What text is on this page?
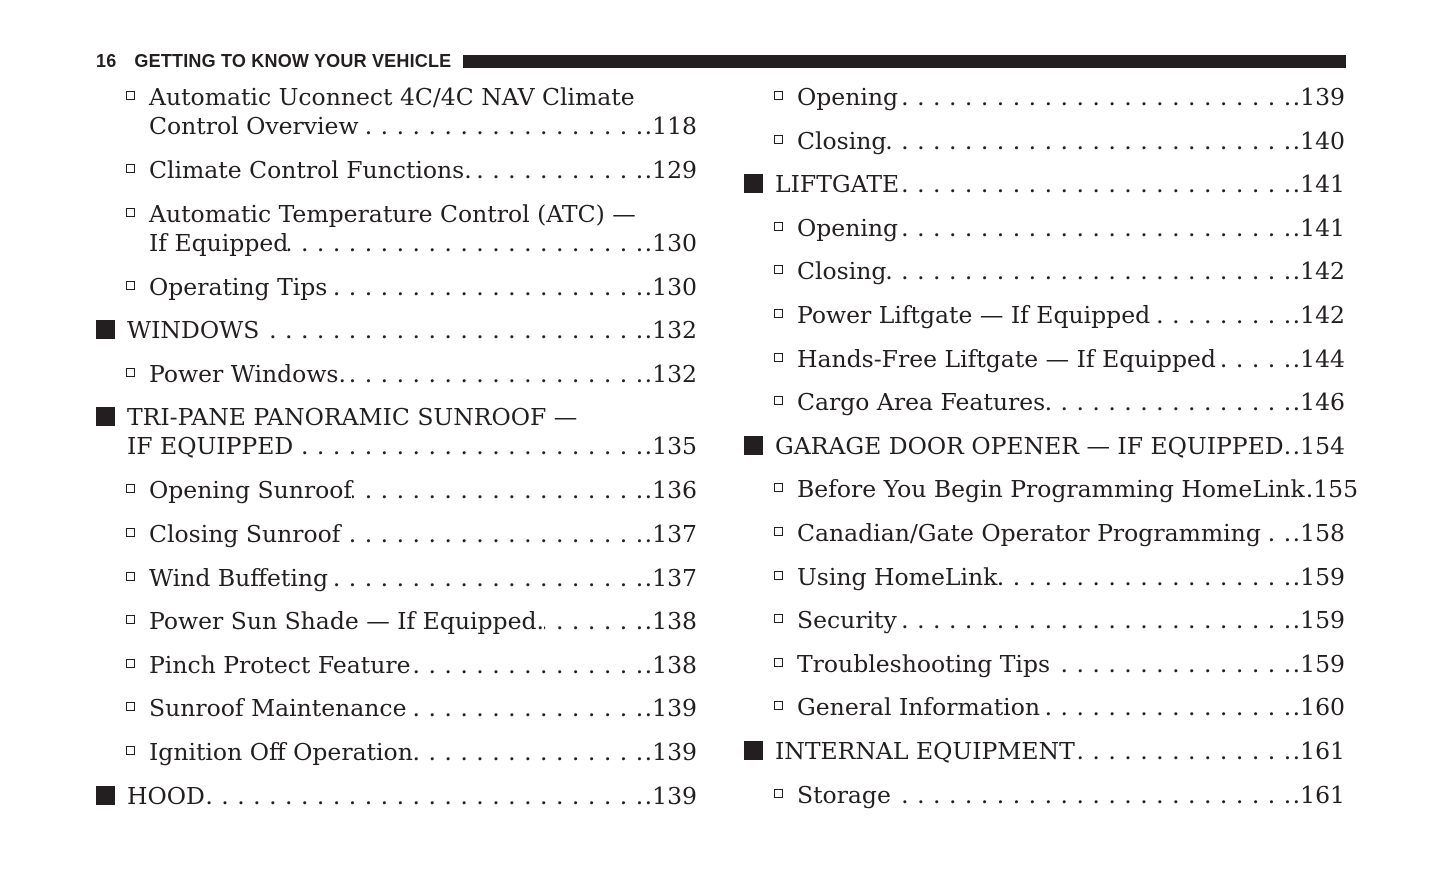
16 GETTING TO KNOW YOUR VEHICLE
Automatic Uconnect 4C/4C NAV Climate
Control Overview . . .	.118
Climate Control Functions. . . .	.129
Automatic Temperature Control (ATC) —
If Equipped . . .	.130
Operating Tips . . .	.130
WINDOWS . . .	.132
Power Windows. . . .	.132
TRI-PANE PANORAMIC SUNROOF —
IF EQUIPPED . . .	.135
Opening Sunroof . . .	.136
Closing Sunroof . . .	.137
Wind Buffeting . . .	.137
Power Sun Shade — If Equipped. . . .	.138
Pinch Protect Feature . . .	.138
Sunroof Maintenance . . .	.139
Ignition Off Operation . . .	.139
HOOD . . .	.139
Opening . . .	.139
Closing . . .	.140
LIFTGATE . . .	.141
Opening . . .	.141
Closing . . .	.142
Power Liftgate — If Equipped . . .	.142
Hands-Free Liftgate — If Equipped . . .	.144
Cargo Area Features . . .	.146
GARAGE DOOR OPENER — IF EQUIPPED . . . .154
Before You Begin Programming HomeLink .155
Canadian/Gate Operator Programming . . . .158
Using HomeLink . . .	.159
Security . . .	.159
Troubleshooting Tips . . .	.159
General Information . . .	.160
INTERNAL EQUIPMENT . . .	.161
Storage . . .	.161
